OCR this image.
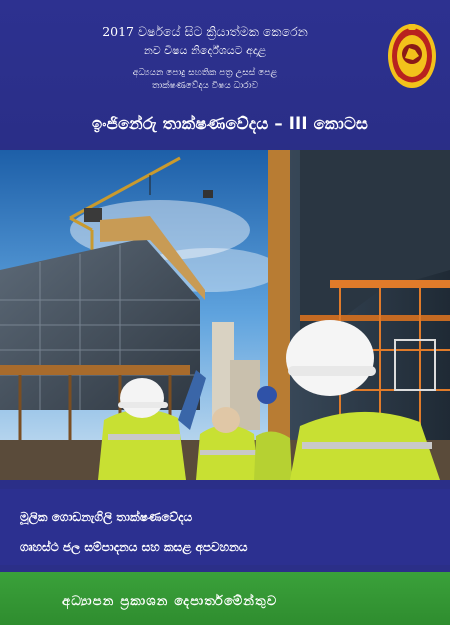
2017 වර්ෂයේ සිට ක්‍රියාත්මක කෙරෙන
නව විෂය නිර්දේශයට අදාළ
අධ්‍යයන පොදු සහතික පත්‍ර උසස් පෙළ
තාක්ෂණවේදය විෂය ධාරාව
ඉංජිනේරු තාක්ෂණවේදය – III කොටස
මූලික ගොඩනැගිලි තාක්ෂණවේදය
ගෘහස්ථ ජල සම්පාදනය සහ කසළ අපවහනය
අධ්‍යාපන ප්‍රකාශන දෙපාර්තමේන්තුව
